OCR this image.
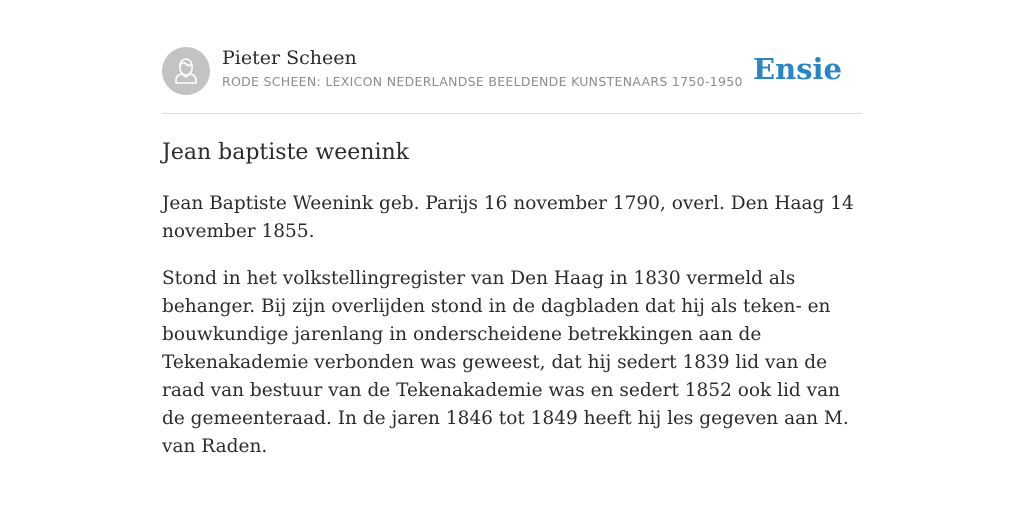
Pieter Scheen
RODE SCHEEN: LEXICON NEDERLANDSE BEELDENDE KUNSTENAARS 1750-1950 Ensie
Jean baptiste weenink

Jean Baptiste Weenink geb. Parijs 16 november 1790, overl. Den Haag 14 november 1855.

Stond in het volkstellingregister van Den Haag in 1830 vermeld als behanger. Bij zijn overlijden stond in de dagbladen dat hij als teken- en bouwkundige jarenlang in onderscheidene betrekkingen aan de Tekenakademie verbonden was geweest, dat hij sedert 1839 lid van de raad van bestuur van de Tekenakademie was en sedert 1852 ook lid van de gemeenteraad. In de jaren 1846 tot 1849 heeft hij les gegeven aan M. van Raden.
